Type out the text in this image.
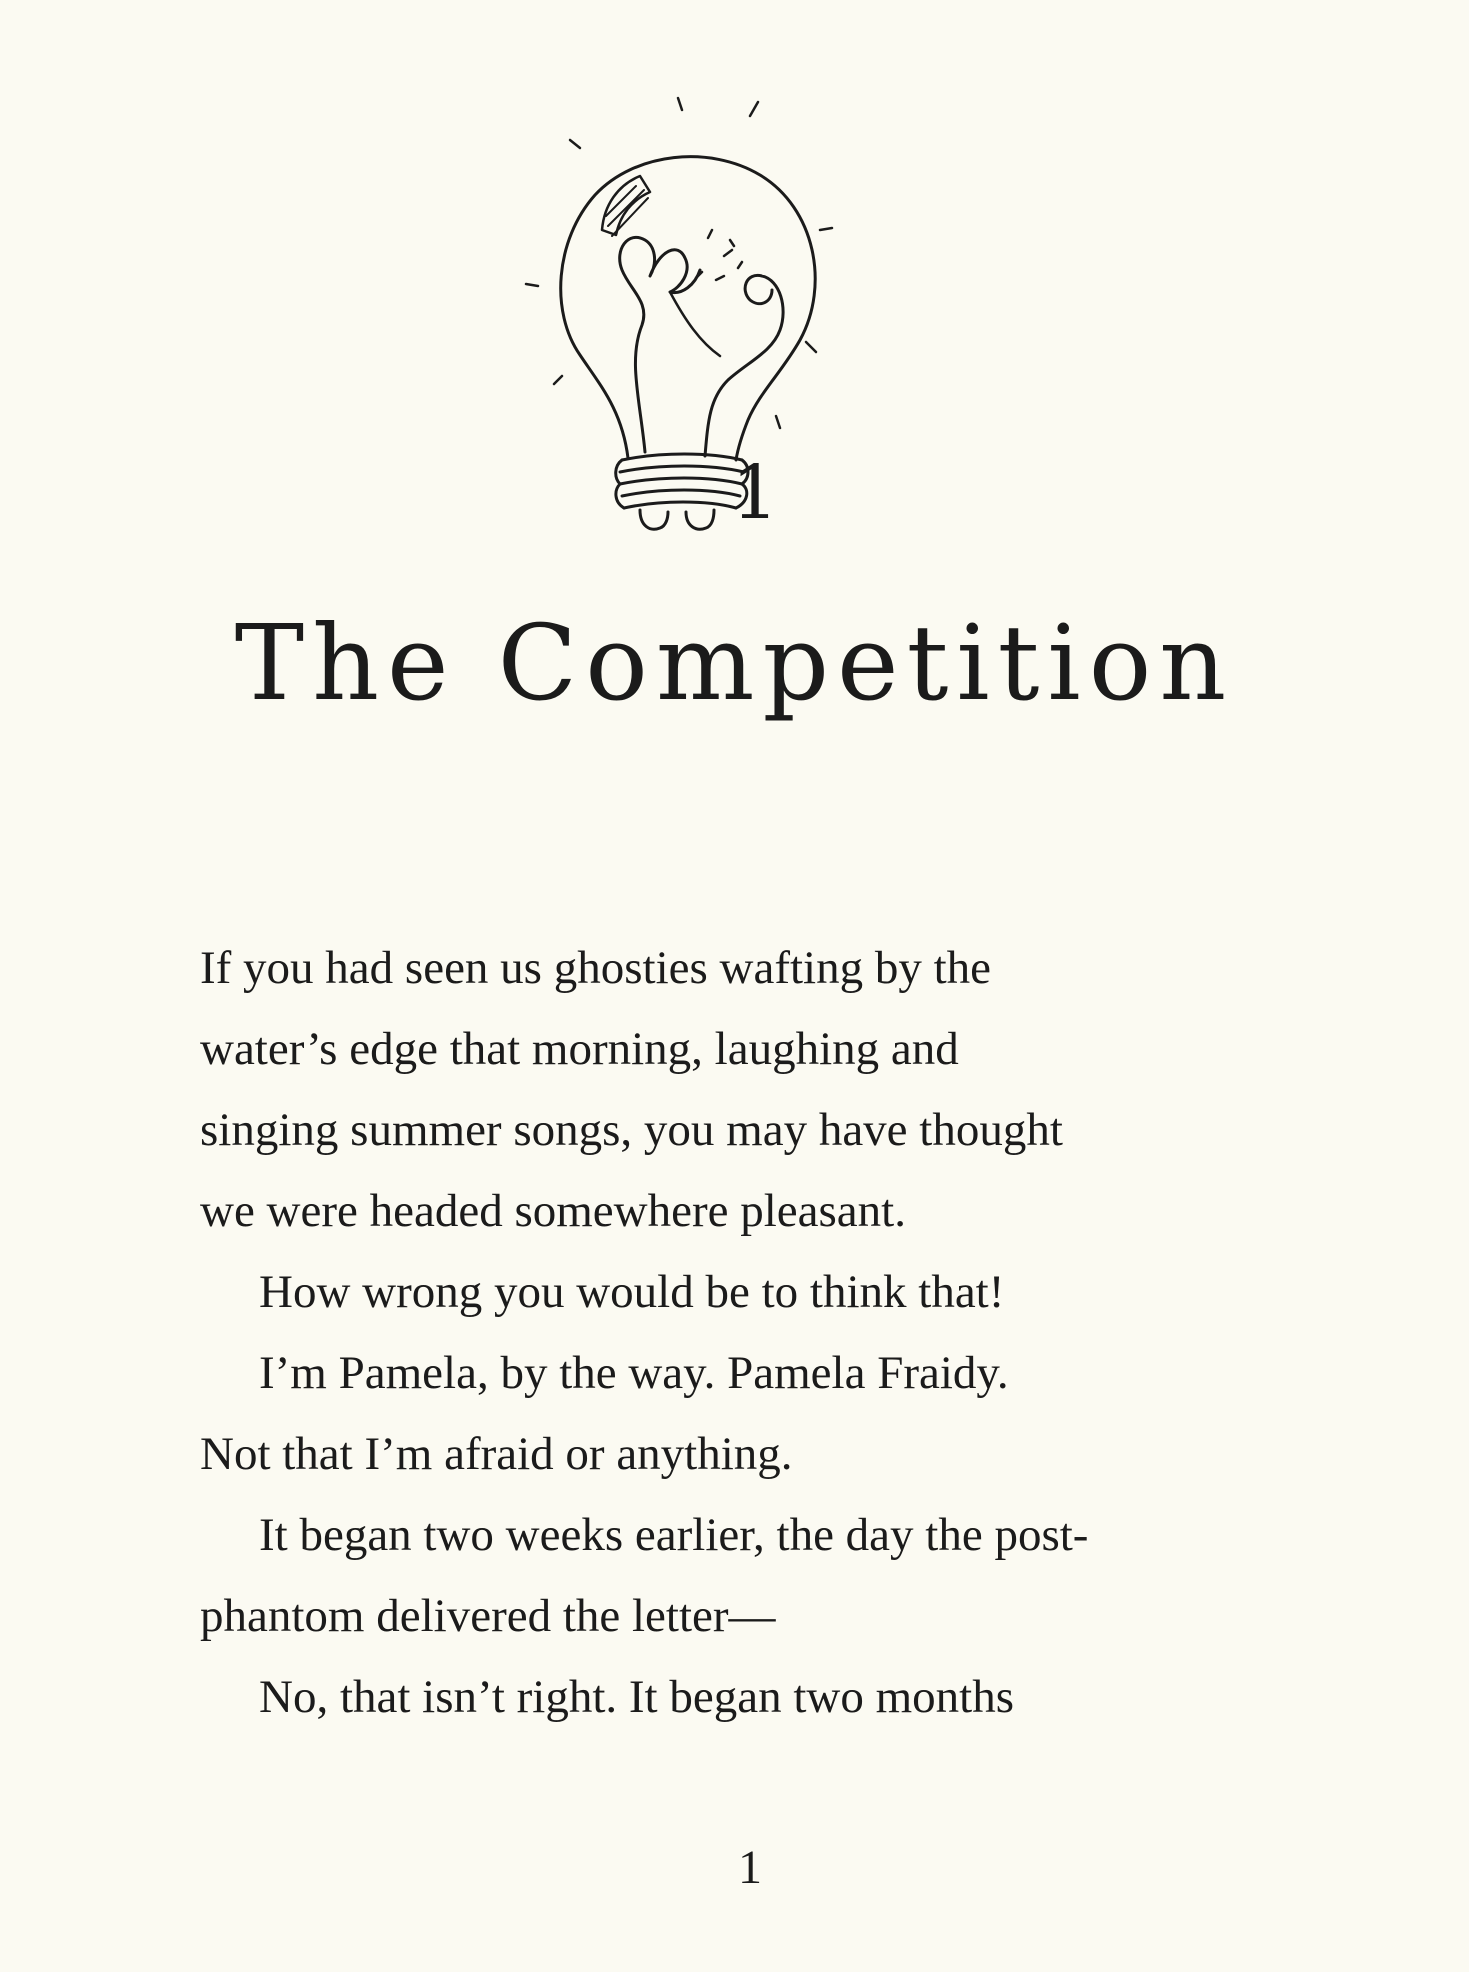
1
The Competition

If you had seen us ghosties wafting by the

water’s edge that morning, laughing and

singing summer songs, you may have thought

we were headed somewhere pleasant.

How wrong you would be to think that!

I’m Pamela, by the way. Pamela Fraidy.

Not that I’m afraid or anything.

It began two weeks earlier, the day the post-

phantom delivered the letter—

No, that isn’t right. It began two months

1
